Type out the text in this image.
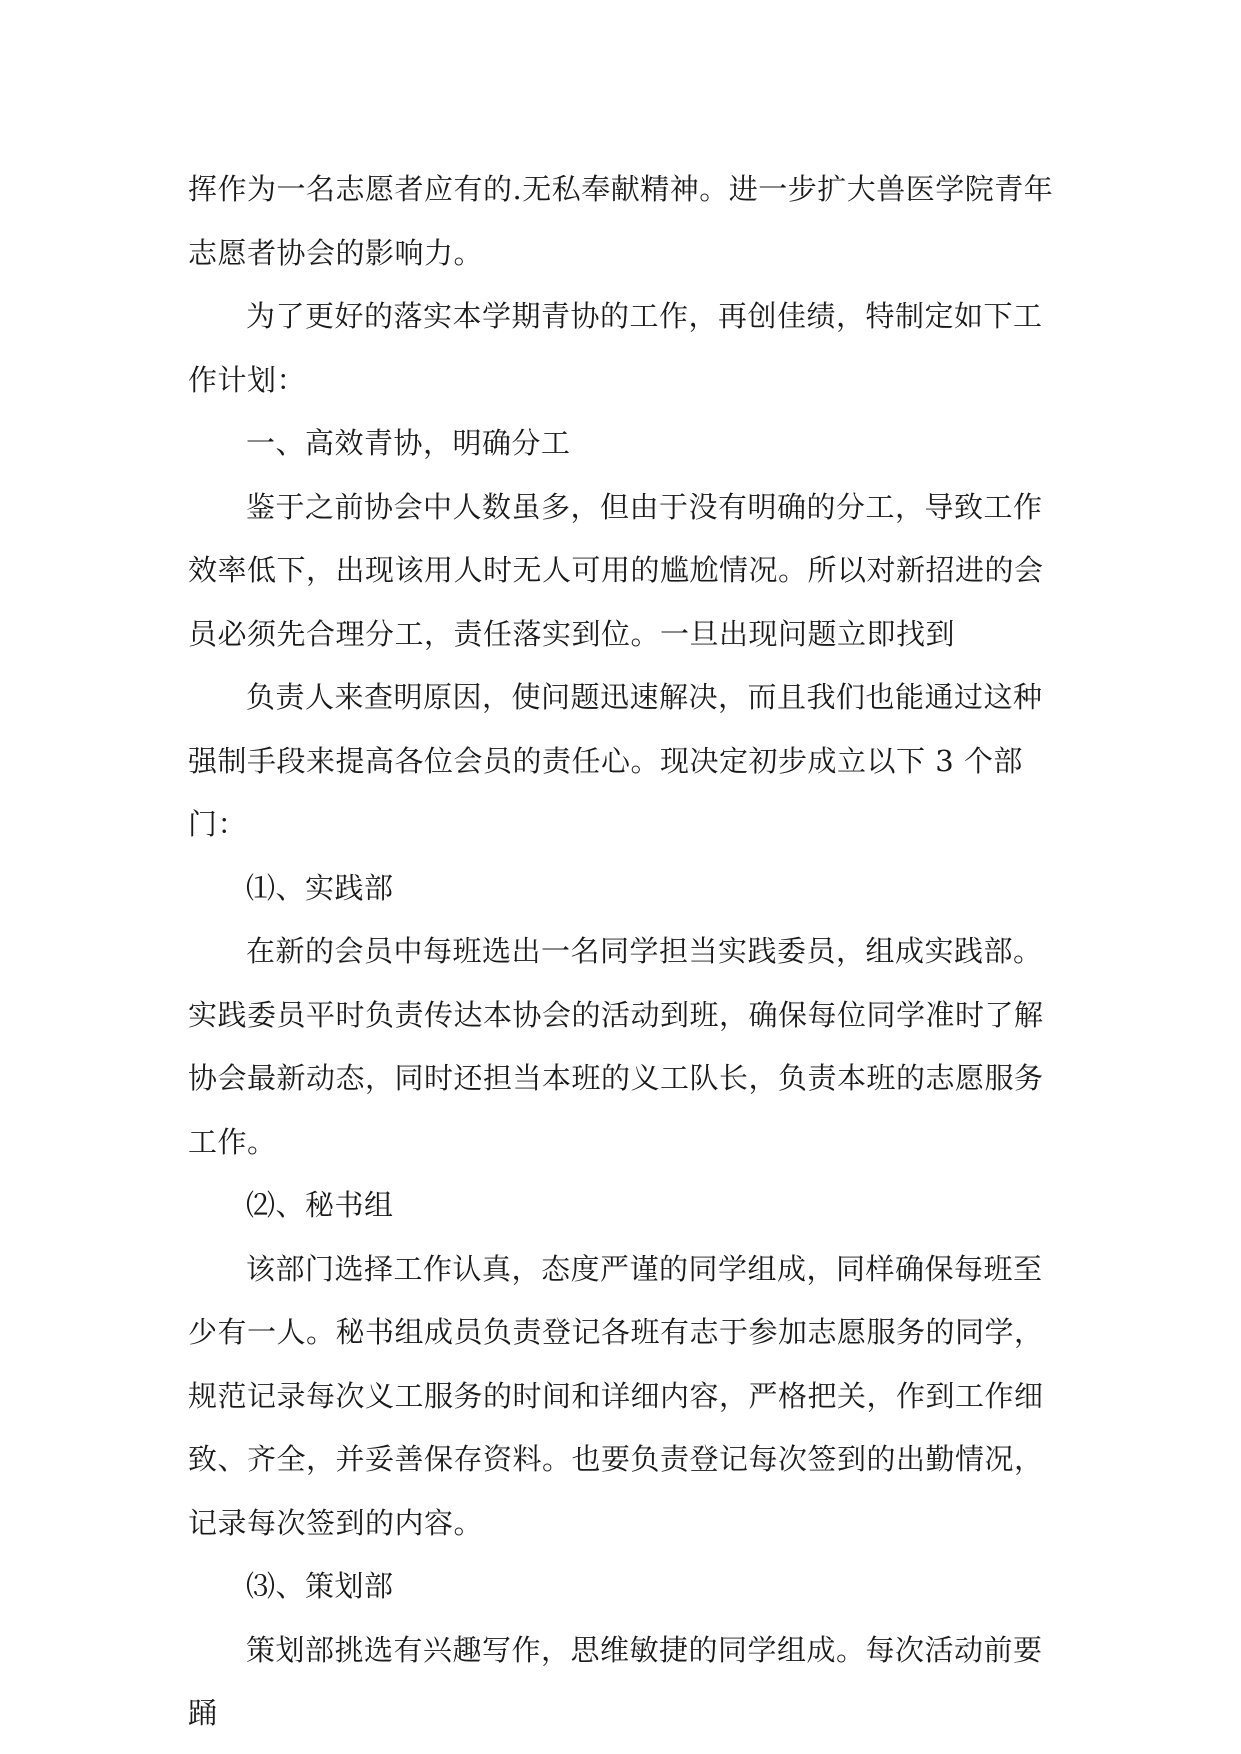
挥作为一名志愿者应有的.无私奉献精神。进一步扩大兽医学院青年志愿者协会的影响力。

为了更好的落实本学期青协的工作，再创佳绩，特制定如下工作计划：

一、高效青协，明确分工

鉴于之前协会中人数虽多，但由于没有明确的分工，导致工作效率低下，出现该用人时无人可用的尴尬情况。所以对新招进的会员必须先合理分工，责任落实到位。一旦出现问题立即找到

负责人来查明原因，使问题迅速解决，而且我们也能通过这种强制手段来提高各位会员的责任心。现决定初步成立以下 3 个部门：

⑴、实践部

在新的会员中每班选出一名同学担当实践委员，组成实践部。实践委员平时负责传达本协会的活动到班，确保每位同学准时了解协会最新动态，同时还担当本班的义工队长，负责本班的志愿服务工作。

⑵、秘书组

该部门选择工作认真，态度严谨的同学组成，同样确保每班至少有一人。秘书组成员负责登记各班有志于参加志愿服务的同学，规范记录每次义工服务的时间和详细内容，严格把关，作到工作细致、齐全，并妥善保存资料。也要负责登记每次签到的出勤情况，记录每次签到的内容。

⑶、策划部

策划部挑选有兴趣写作，思维敏捷的同学组成。每次活动前要踊
